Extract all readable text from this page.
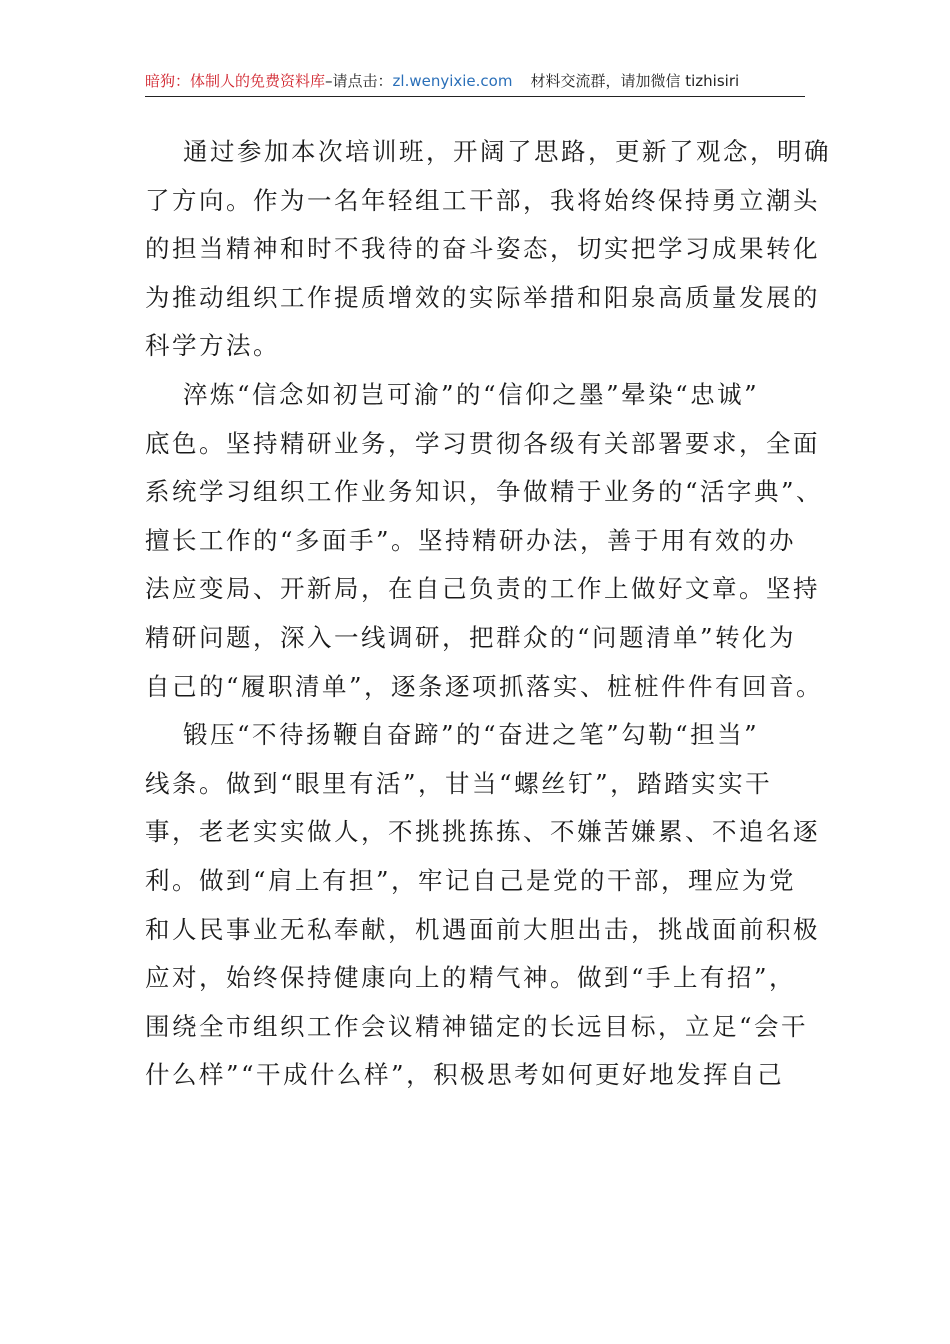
暗狗：体制人的免费资料库–请点击：zl.wenyixie.com 材料交流群，请加微信 tizhisiri
通过参加本次培训班，开阔了思路，更新了观念，明确
了方向。作为一名年轻组工干部，我将始终保持勇立潮头
的担当精神和时不我待的奋斗姿态，切实把学习成果转化
为推动组织工作提质增效的实际举措和阳泉高质量发展的
科学方法。
淬炼“信念如初岂可渝”的“信仰之墨”晕染“忠诚”
底色。坚持精研业务，学习贯彻各级有关部署要求，全面
系统学习组织工作业务知识，争做精于业务的“活字典”、
擅长工作的“多面手”。坚持精研办法，善于用有效的办
法应变局、开新局，在自己负责的工作上做好文章。坚持
精研问题，深入一线调研，把群众的“问题清单”转化为
自己的“履职清单”，逐条逐项抓落实、桩桩件件有回音。
锻压“不待扬鞭自奋蹄”的“奋进之笔”勾勒“担当”
线条。做到“眼里有活”，甘当“螺丝钉”，踏踏实实干
事，老老实实做人，不挑挑拣拣、不嫌苦嫌累、不追名逐
利。做到“肩上有担”，牢记自己是党的干部，理应为党
和人民事业无私奉献，机遇面前大胆出击，挑战面前积极
应对，始终保持健康向上的精气神。做到“手上有招”，
围绕全市组织工作会议精神锚定的长远目标，立足“会干
什么样”“干成什么样”，积极思考如何更好地发挥自己
